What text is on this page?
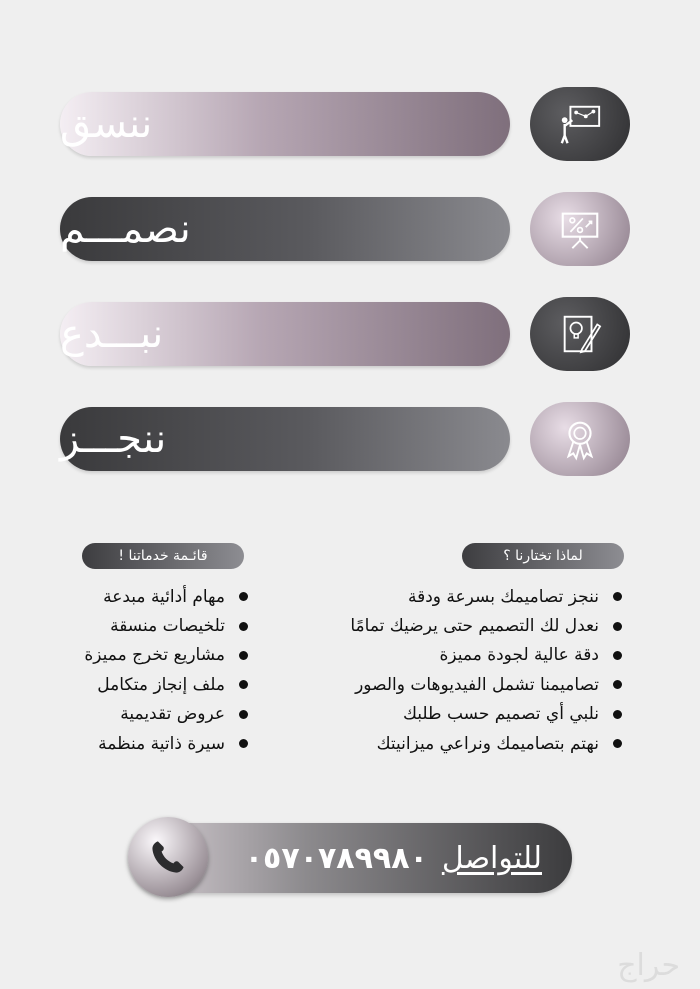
ننسق
نصمـــم
نبـــدع
ننجـــز
لماذا تختارنا ؟
ننجز تصاميمك بسرعة ودقة
نعدل لك التصميم حتى يرضيك تمامًا
دقة عالية لجودة مميزة
تصاميمنا تشمل الفيديوهات والصور
نلبي أي تصميم حسب طلبك
نهتم بتصاميمك ونراعي ميزانيتك
قائـمة خدماتنا !
مهام أدائية مبدعة
تلخيصات منسقة
مشاريع تخرج مميزة
ملف إنجاز متكامل
عروض تقديمية
سيرة ذاتية منظمة
للتواصل
٠٥٧٠٧٨٩٩٨٠
حراج
